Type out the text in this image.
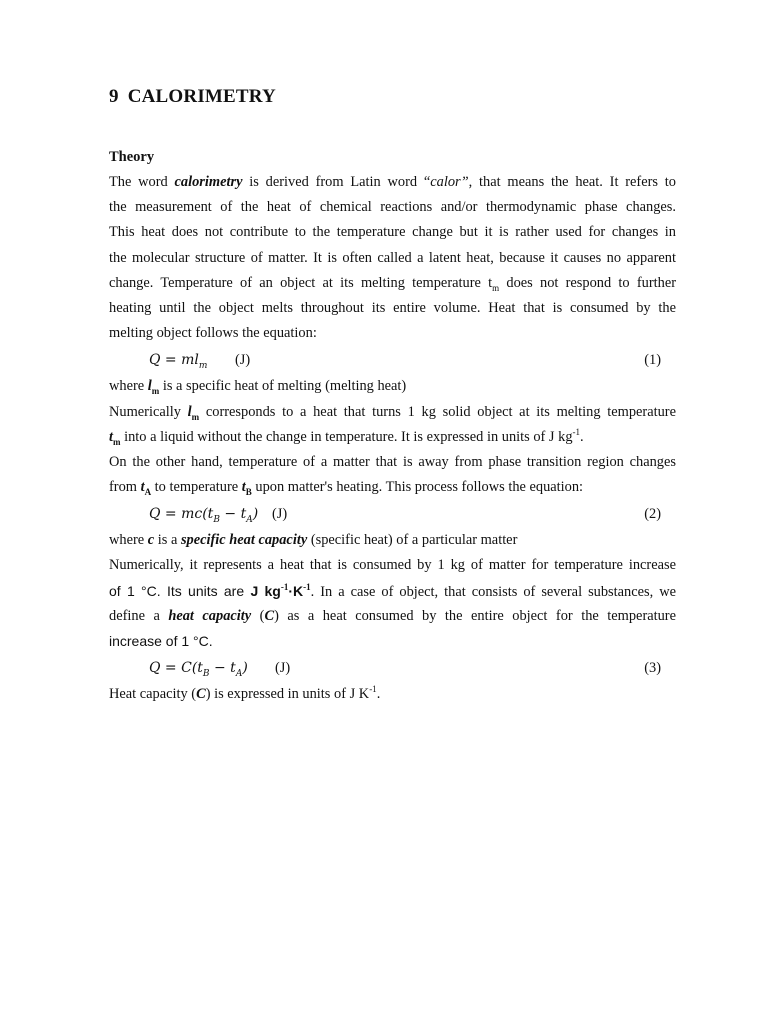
9 CALORIMETRY
Theory
The word calorimetry is derived from Latin word “calor”, that means the heat. It refers to
the measurement of the heat of chemical reactions and/or thermodynamic phase changes.
This heat does not contribute to the temperature change but it is rather used for changes in
the molecular structure of matter. It is often called a latent heat, because it causes no apparent
change. Temperature of an object at its melting temperature $t_m$ does not respond to further
heating until the object melts throughout its entire volume. Heat that is consumed by the
melting object follows the equation:
$Q = ml_m$ (J)	(1)
where $l_m$ is a specific heat of melting (melting heat)
Numerically $l_m$ corresponds to a heat that turns 1 kg solid object at its melting temperature
$t_m$ into a liquid without the change in temperature. It is expressed in units of J $kg^{-1}$.
On the other hand, temperature of a matter that is away from phase transition region changes
from $t_A$ to temperature $t_B$ upon matter's heating. This process follows the equation:
$Q = mc(t_B - t_A)$ (J)	(2)
where c is a specific heat capacity (specific heat) of a particular matter
Numerically, it represents a heat that is consumed by 1 kg of matter for temperature increase
of 1 °C. Its units are J $kg^{-1}\cdot K^{-1}$. In a case of object, that consists of several substances, we
define a heat capacity (C) as a heat consumed by the entire object for the temperature
increase of 1 °C.
$Q = C(t_B - t_A)$ (J)	(3)
Heat capacity (C) is expressed in units of J $K^{-1}$.
